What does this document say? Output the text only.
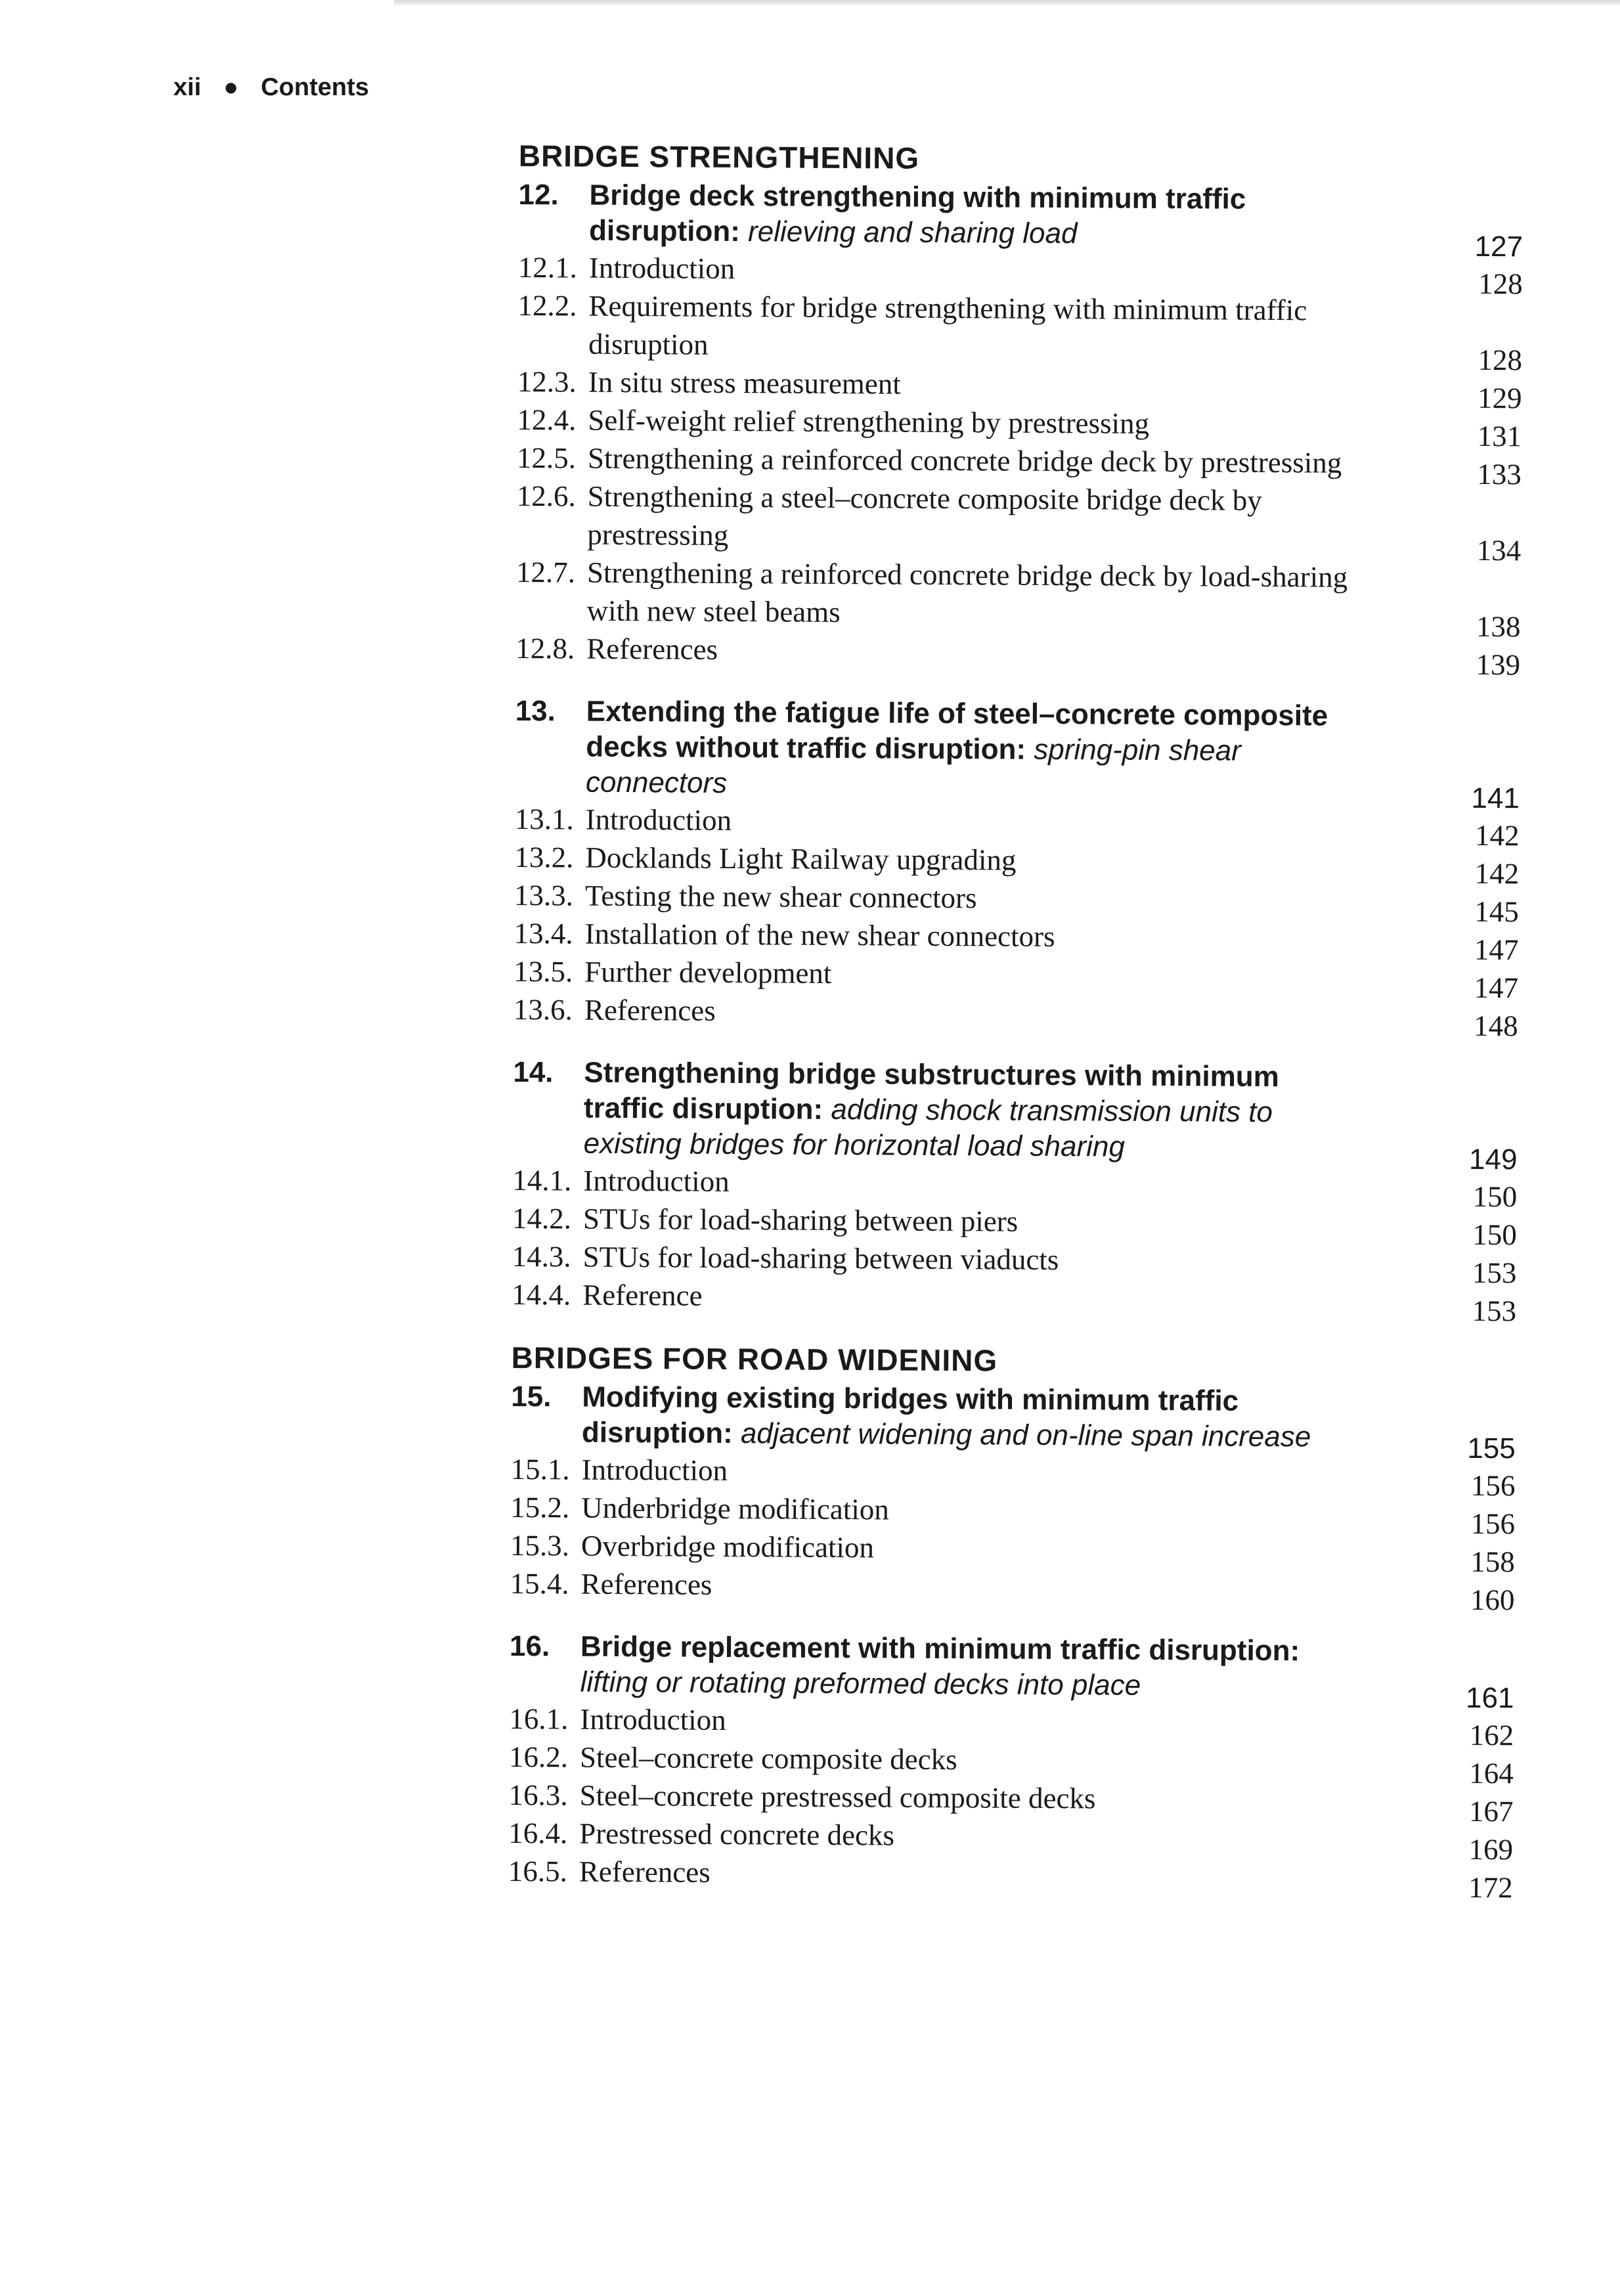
xii ● Contents
BRIDGE STRENGTHENING
12.	Bridge deck strengthening with minimum traffic disruption: relieving and sharing load	127
12.1. Introduction	128
12.2. Requirements for bridge strengthening with minimum traffic disruption	128
12.3. In situ stress measurement	129
12.4. Self-weight relief strengthening by prestressing	131
12.5. Strengthening a reinforced concrete bridge deck by prestressing	133
12.6. Strengthening a steel–concrete composite bridge deck by prestressing	134
12.7. Strengthening a reinforced concrete bridge deck by load-sharing with new steel beams	138
12.8. References	139
13.	Extending the fatigue life of steel–concrete composite decks without traffic disruption: spring-pin shear connectors	141
13.1. Introduction	142
13.2. Docklands Light Railway upgrading	142
13.3. Testing the new shear connectors	145
13.4. Installation of the new shear connectors	147
13.5. Further development	147
13.6. References	148
14.	Strengthening bridge substructures with minimum traffic disruption: adding shock transmission units to existing bridges for horizontal load sharing	149
14.1. Introduction	150
14.2. STUs for load-sharing between piers	150
14.3. STUs for load-sharing between viaducts	153
14.4. Reference	153
BRIDGES FOR ROAD WIDENING
15.	Modifying existing bridges with minimum traffic disruption: adjacent widening and on-line span increase	155
15.1. Introduction	156
15.2. Underbridge modification	156
15.3. Overbridge modification	158
15.4. References	160
16.	Bridge replacement with minimum traffic disruption: lifting or rotating preformed decks into place	161
16.1. Introduction	162
16.2. Steel–concrete composite decks	164
16.3. Steel–concrete prestressed composite decks	167
16.4. Prestressed concrete decks	169
16.5. References	172
